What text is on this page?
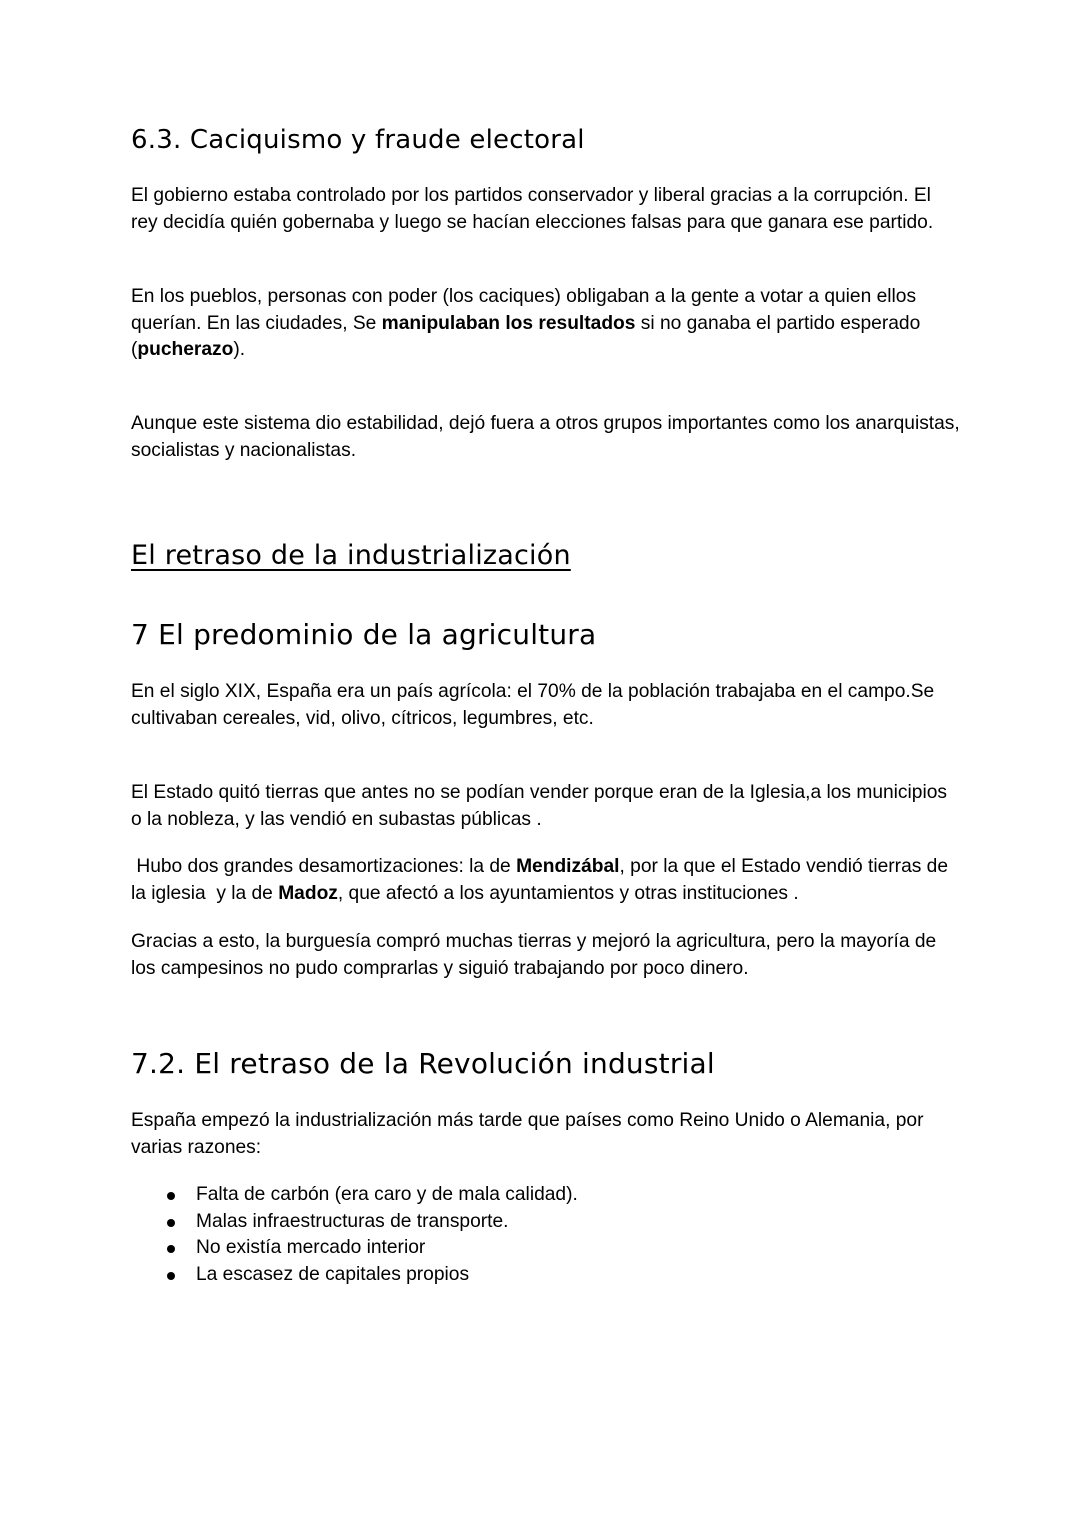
6.3. Caciquismo y fraude electoral

El gobierno estaba controlado por los partidos conservador y liberal gracias a la corrupción. El rey decidía quién gobernaba y luego se hacían elecciones falsas para que ganara ese partido.

En los pueblos, personas con poder (los caciques) obligaban a la gente a votar a quien ellos querían. En las ciudades, Se manipulaban los resultados si no ganaba el partido esperado (pucherazo).

Aunque este sistema dio estabilidad, dejó fuera a otros grupos importantes como los anarquistas, socialistas y nacionalistas.

El retraso de la industrialización
7 El predominio de la agricultura

En el siglo XIX, España era un país agrícola: el 70% de la población trabajaba en el campo.Se cultivaban cereales, vid, olivo, cítricos, legumbres, etc.

El Estado quitó tierras que antes no se podían vender porque eran de la Iglesia,a los municipios o la nobleza, y las vendió en subastas públicas .

Hubo dos grandes desamortizaciones: la de Mendizábal, por la que el Estado vendió tierras de la iglesia  y la de Madoz, que afectó a los ayuntamientos y otras instituciones .

Gracias a esto, la burguesía compró muchas tierras y mejoró la agricultura, pero la mayoría de los campesinos no pudo comprarlas y siguió trabajando por poco dinero.

7.2. El retraso de la Revolución industrial

España empezó la industrialización más tarde que países como Reino Unido o Alemania, por varias razones:

Falta de carbón (era caro y de mala calidad).
Malas infraestructuras de transporte.
No existía mercado interior
La escasez de capitales propios
